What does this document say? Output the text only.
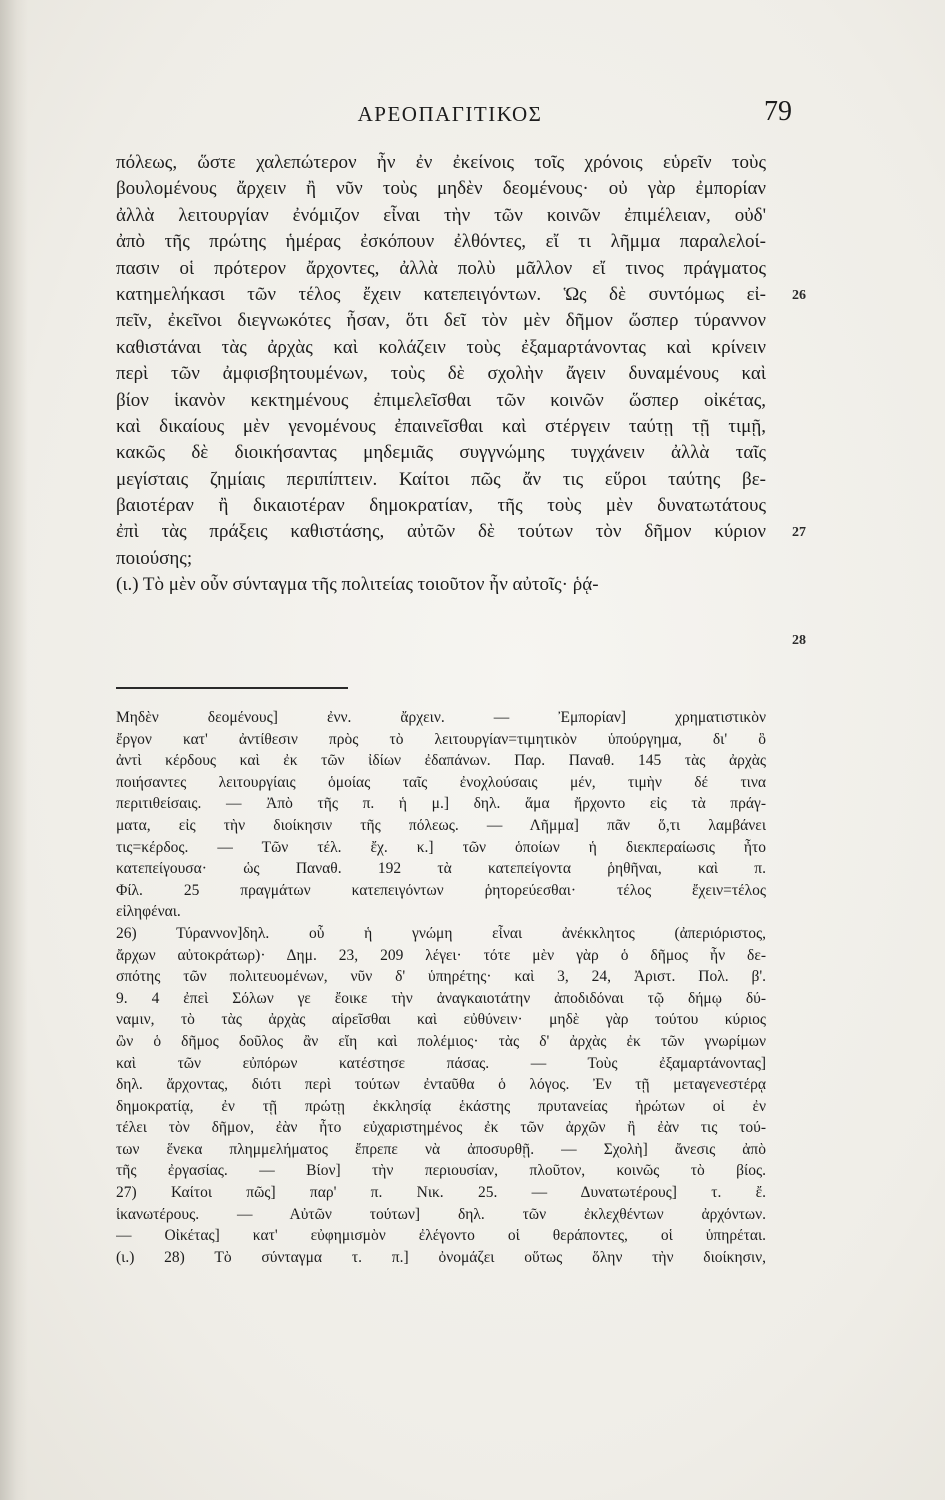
ΑΡΕΟΠΑΓΙΤΙΚΟΣ	79
πόλεως, ὥστε χαλεπώτερον ἦν ἐν ἐκείνοις τοῖς χρόνοις εὑρεῖν τοὺς
βουλομένους ἄρχειν ἢ νῦν τοὺς μηδὲν δεομένους· οὐ γὰρ ἐμπορίαν
ἀλλὰ λειτουργίαν ἐνόμιζον εἶναι τὴν τῶν κοινῶν ἐπιμέλειαν, οὐδ'
ἀπὸ τῆς πρώτης ἡμέρας ἐσκόπουν ἐλθόντες, εἴ τι λῆμμα παραλελοί-
πασιν οἱ πρότερον ἄρχοντες, ἀλλὰ πολὺ μᾶλλον εἴ τινος πράγματος
κατημελήκασι τῶν τέλος ἔχειν κατεπειγόντων. Ὡς δὲ συντόμως εἰ-
πεῖν, ἐκεῖνοι διεγνωκότες ἦσαν, ὅτι δεῖ τὸν μὲν δῆμον ὥσπερ τύραννον
καθιστάναι τὰς ἀρχὰς καὶ κολάζειν τοὺς ἐξαμαρτάνοντας καὶ κρίνειν
περὶ τῶν ἀμφισβητουμένων, τοὺς δὲ σχολὴν ἄγειν δυναμένους καὶ
βίον ἱκανὸν κεκτημένους ἐπιμελεῖσθαι τῶν κοινῶν ὥσπερ οἰκέτας,
καὶ δικαίους μὲν γενομένους ἐπαινεῖσθαι καὶ στέργειν ταύτῃ τῇ τιμῇ,
κακῶς δὲ διοικήσαντας μηδεμιᾶς συγγνώμης τυγχάνειν ἀλλὰ ταῖς
μεγίσταις ζημίαις περιπίπτειν. Καίτοι πῶς ἄν τις εὕροι ταύτης βε-
βαιοτέραν ἢ δικαιοτέραν δημοκρατίαν, τῆς τοὺς μὲν δυνατωτάτους
ἐπὶ τὰς πράξεις καθιστάσης, αὐτῶν δὲ τούτων τὸν δῆμον κύριον
ποιούσης;
(ι.) Τὸ μὲν οὖν σύνταγμα τῆς πολιτείας τοιοῦτον ἦν αὐτοῖς· ῥᾴ-
26
27
28
Μηδὲν δεομένους] ἐνν. ἄρχειν. — Ἐμπορίαν] χρηματιστικὸν
ἔργον κατ' ἀντίθεσιν πρὸς τὸ λειτουργίαν=τιμητικὸν ὑπούργημα, δι' ὃ
ἀντὶ κέρδους καὶ ἐκ τῶν ἰδίων ἐδαπάνων. Παρ. Παναθ. 145 τὰς ἀρχὰς
ποιήσαντες λειτουργίαις ὁμοίας ταῖς ἐνοχλούσαις μέν, τιμὴν δέ τινα
περιτιθείσαις. — Ἀπὸ τῆς π. ἡ μ.] δηλ. ἅμα ἤρχοντο εἰς τὰ πράγ-
ματα, εἰς τὴν διοίκησιν τῆς πόλεως. — Λῆμμα] πᾶν ὅ,τι λαμβάνει
τις=κέρδος. — Τῶν τέλ. ἔχ. κ.] τῶν ὁποίων ἡ διεκπεραίωσις ἦτο
κατεπείγουσα· ὡς Παναθ. 192 τὰ κατεπείγοντα ῥηθῆναι, καὶ π.
Φίλ. 25 πραγμάτων κατεπειγόντων ῥητορεύεσθαι· τέλος ἔχειν=τέλος
εἰληφέναι.
26) Τύραννον]δηλ. οὗ ἡ γνώμη εἶναι ἀνέκκλητος (ἀπεριόριστος,
ἄρχων αὐτοκράτωρ)· Δημ. 23, 209 λέγει· τότε μὲν γὰρ ὁ δῆμος ἦν δε-
σπότης τῶν πολιτευομένων, νῦν δ' ὑπηρέτης· καὶ 3, 24, Ἀριστ. Πολ. β'.
9. 4 ἐπεὶ Σόλων γε ἔοικε τὴν ἀναγκαιοτάτην ἀποδιδόναι τῷ δήμῳ δύ-
ναμιν, τὸ τὰς ἀρχὰς αἱρεῖσθαι καὶ εὐθύνειν· μηδὲ γὰρ τούτου κύριος
ὢν ὁ δῆμος δοῦλος ἂν εἴη καὶ πολέμιος· τὰς δ' ἀρχὰς ἐκ τῶν γνωρίμων
καὶ τῶν εὐπόρων κατέστησε πάσας. — Τοὺς ἐξαμαρτάνοντας]
δηλ. ἄρχοντας, διότι περὶ τούτων ἐνταῦθα ὁ λόγος. Ἐν τῇ μεταγενεστέρᾳ
δημοκρατίᾳ, ἐν τῇ πρώτῃ ἐκκλησίᾳ ἑκάστης πρυτανείας ἠρώτων οἱ ἐν
τέλει τὸν δῆμον, ἐὰν ἦτο εὐχαριστημένος ἐκ τῶν ἀρχῶν ἢ ἐὰν τις τού-
των ἕνεκα πλημμελήματος ἔπρεπε νὰ ἀποσυρθῇ. — Σχολὴ] ἄνεσις ἀπὸ
τῆς ἐργασίας. — Βίον] τὴν περιουσίαν, πλοῦτον, κοινῶς τὸ βίος.
27) Καίτοι πῶς] παρ' π. Νικ. 25. — Δυνατωτέρους] τ. ἔ.
ἱκανωτέρους. — Αὐτῶν τούτων] δηλ. τῶν ἐκλεχθέντων ἀρχόντων.
— Οἰκέτας] κατ' εὐφημισμὸν ἐλέγοντο οἱ θεράποντες, οἱ ὑπηρέται.
(ι.) 28) Τὸ σύνταγμα τ. π.] ὀνομάζει οὕτως ὅλην τὴν διοίκησιν,
